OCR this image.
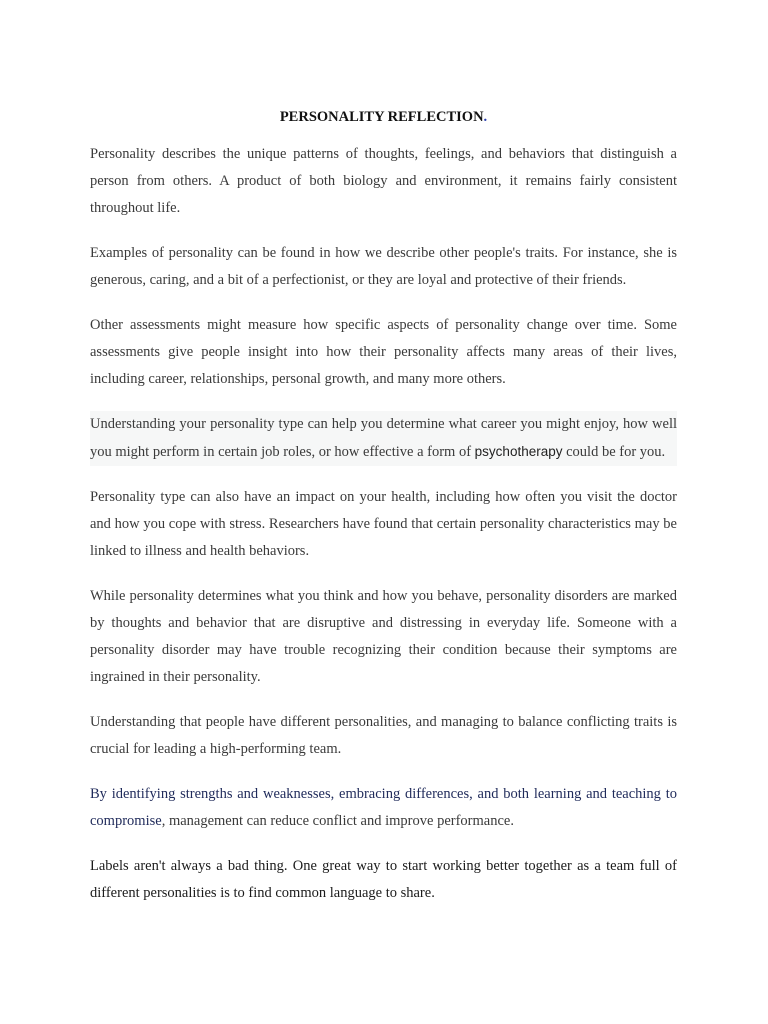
PERSONALITY REFLECTION.

Personality describes the unique patterns of thoughts, feelings, and behaviors that distinguish a person from others. A product of both biology and environment, it remains fairly consistent throughout life.

Examples of personality can be found in how we describe other people's traits. For instance, she is generous, caring, and a bit of a perfectionist, or they are loyal and protective of their friends.

Other assessments might measure how specific aspects of personality change over time. Some assessments give people insight into how their personality affects many areas of their lives, including career, relationships, personal growth, and many more others.

Understanding your personality type can help you determine what career you might enjoy, how well you might perform in certain job roles, or how effective a form of psychotherapy could be for you.

Personality type can also have an impact on your health, including how often you visit the doctor and how you cope with stress. Researchers have found that certain personality characteristics may be linked to illness and health behaviors.

While personality determines what you think and how you behave, personality disorders are marked by thoughts and behavior that are disruptive and distressing in everyday life. Someone with a personality disorder may have trouble recognizing their condition because their symptoms are ingrained in their personality.

Understanding that people have different personalities, and managing to balance conflicting traits is crucial for leading a high-performing team.

By identifying strengths and weaknesses, embracing differences, and both learning and teaching to compromise, management can reduce conflict and improve performance.

Labels aren't always a bad thing. One great way to start working better together as a team full of different personalities is to find common language to share.
